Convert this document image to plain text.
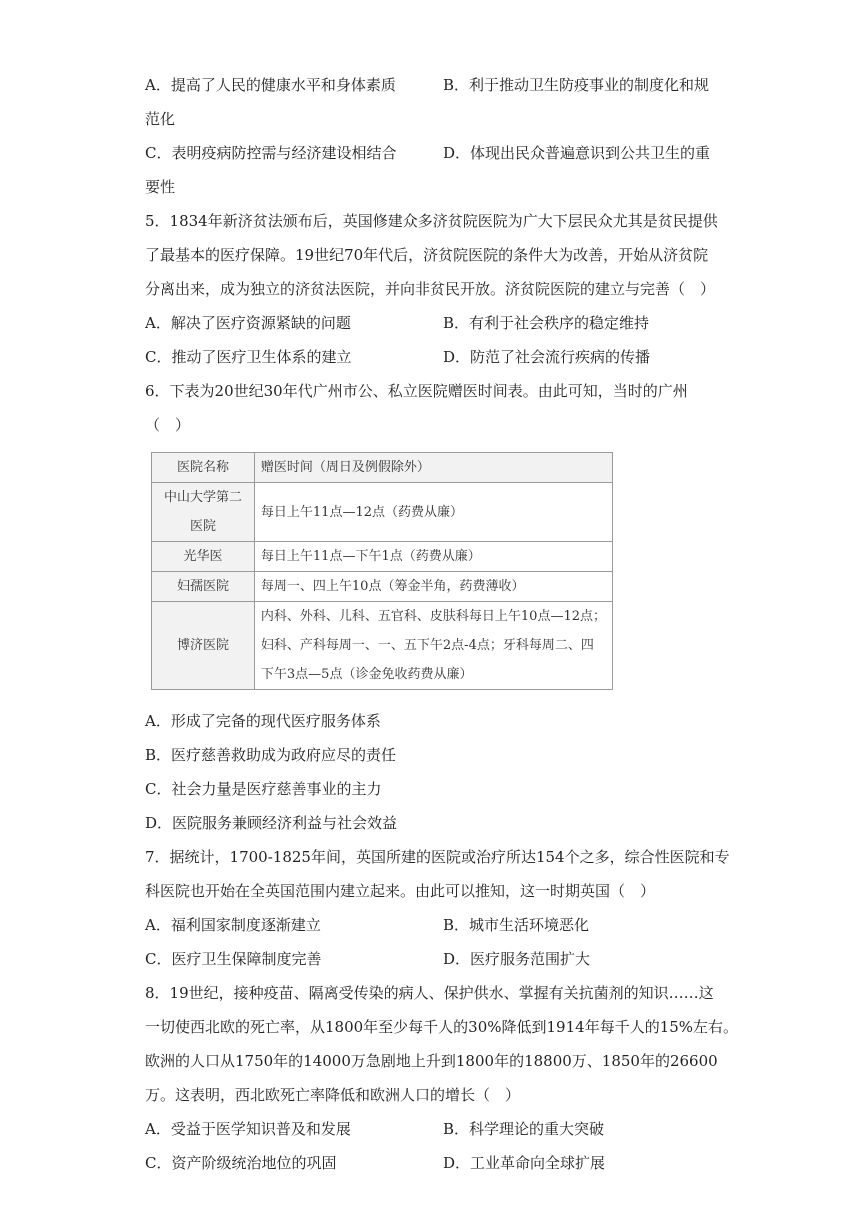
A．提高了人民的健康水平和身体素质	B．利于推动卫生防疫事业的制度化和规
范化
C．表明疫病防控需与经济建设相结合	D．体现出民众普遍意识到公共卫生的重
要性
5．1834年新济贫法颁布后，英国修建众多济贫院医院为广大下层民众尤其是贫民提供
了最基本的医疗保障。19世纪70年代后，济贫院医院的条件大为改善，开始从济贫院
分离出来，成为独立的济贫法医院，并向非贫民开放。济贫院医院的建立与完善（　）
A．解决了医疗资源紧缺的问题	B．有利于社会秩序的稳定维持
C．推动了医疗卫生体系的建立	D．防范了社会流行疾病的传播
6．下表为20世纪30年代广州市公、私立医院赠医时间表。由此可知，当时的广州
（　）
医院名称	赠医时间（周日及例假除外）
中山大学第二医院	每日上午11点—12点（药费从廉）
光华医	每日上午11点—下午1点（药费从廉）
妇孺医院	每周一、四上午10点（筹金半角，药费薄收）
博济医院	内科、外科、儿科、五官科、皮肤科每日上午10点—12点；
妇科、产科每周一、一、五下午2点-4点；牙科每周二、四
下午3点—5点（诊金免收药费从廉）
A．形成了完备的现代医疗服务体系
B．医疗慈善救助成为政府应尽的责任
C．社会力量是医疗慈善事业的主力
D．医院服务兼顾经济利益与社会效益
7．据统计，1700-1825年间，英国所建的医院或治疗所达154个之多，综合性医院和专
科医院也开始在全英国范围内建立起来。由此可以推知，这一时期英国（　）
A．福利国家制度逐渐建立	B．城市生活环境恶化
C．医疗卫生保障制度完善	D．医疗服务范围扩大
8．19世纪，接种疫苗、隔离受传染的病人、保护供水、掌握有关抗菌剂的知识……这
一切使西北欧的死亡率，从1800年至少每千人的30%降低到1914年每千人的15%左右。
欧洲的人口从1750年的14000万急剧地上升到1800年的18800万、1850年的26600
万。这表明，西北欧死亡率降低和欧洲人口的增长（　）
A．受益于医学知识普及和发展	B．科学理论的重大突破
C．资产阶级统治地位的巩固	D．工业革命向全球扩展
